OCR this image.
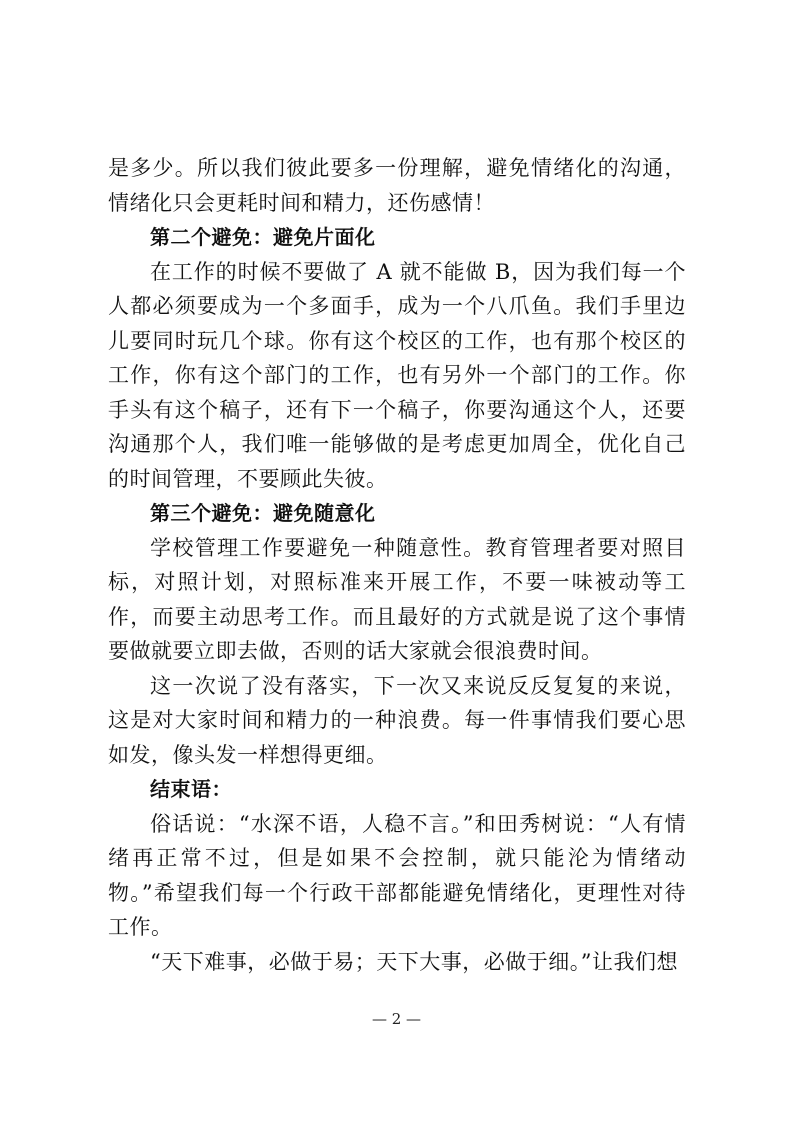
是多少。所以我们彼此要多一份理解，避免情绪化的沟通，情绪化只会更耗时间和精力，还伤感情！

第二个避免：避免片面化

在工作的时候不要做了 A 就不能做 B，因为我们每一个人都必须要成为一个多面手，成为一个八爪鱼。我们手里边儿要同时玩几个球。你有这个校区的工作，也有那个校区的工作，你有这个部门的工作，也有另外一个部门的工作。你手头有这个稿子，还有下一个稿子，你要沟通这个人，还要沟通那个人，我们唯一能够做的是考虑更加周全，优化自己的时间管理，不要顾此失彼。

第三个避免：避免随意化

学校管理工作要避免一种随意性。教育管理者要对照目标，对照计划，对照标准来开展工作，不要一味被动等工作，而要主动思考工作。而且最好的方式就是说了这个事情要做就要立即去做，否则的话大家就会很浪费时间。

这一次说了没有落实，下一次又来说反反复复的来说，这是对大家时间和精力的一种浪费。每一件事情我们要心思如发，像头发一样想得更细。

结束语：

俗话说：“水深不语，人稳不言。”和田秀树说：“人有情绪再正常不过，但是如果不会控制，就只能沦为情绪动物。”希望我们每一个行政干部都能避免情绪化，更理性对待工作。

“天下难事，必做于易；天下大事，必做于细。”让我们想

— 2 —
